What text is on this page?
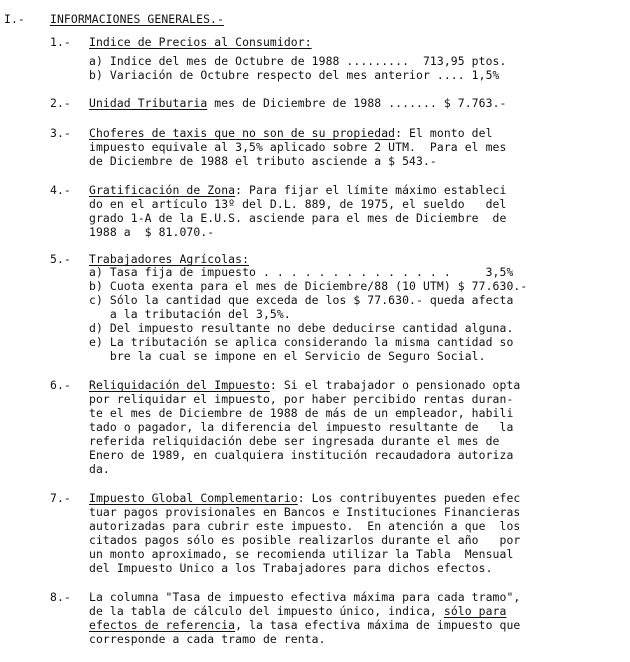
I.- INFORMACIONES GENERALES.-
1.- Indice de Precios al Consumidor:
a) Indice del mes de Octubre de 1988 .........  713,95 ptos.
b) Variación de Octubre respecto del mes anterior .... 1,5%
2.- Unidad Tributaria mes de Diciembre de 1988 ....... $ 7.763.-
3.- Choferes de taxis que no son de su propiedad: El monto del
impuesto equivale al 3,5% aplicado sobre 2 UTM.  Para el mes
de Diciembre de 1988 el tributo asciende a $ 543.-
4.- Gratificación de Zona: Para fijar el límite máximo estableci
do en el artículo 13º del D.L. 889, de 1975, el sueldo   del
grado 1-A de la E.U.S. asciende para el mes de Diciembre  de
1988 a  $ 81.070.-
5.- Trabajadores Agrícolas:
a) Tasa fija de impuesto . . . . . . . . . . . . . .     3,5%
b) Cuota exenta para el mes de Diciembre/88 (10 UTM) $ 77.630.-
c) Sólo la cantidad que exceda de los $ 77.630.- queda afecta
a la tributación del 3,5%.
d) Del impuesto resultante no debe deducirse cantidad alguna.
e) La tributación se aplica considerando la misma cantidad so
bre la cual se impone en el Servicio de Seguro Social.
6.- Reliquidación del Impuesto: Si el trabajador o pensionado opta
por reliquidar el impuesto, por haber percibido rentas duran-
te el mes de Diciembre de 1988 de más de un empleador, habili
tado o pagador, la diferencia del impuesto resultante de   la
referida reliquidación debe ser ingresada durante el mes de
Enero de 1989, en cualquiera institución recaudadora autoriza
da.
7.- Impuesto Global Complementario: Los contribuyentes pueden efec
tuar pagos provisionales en Bancos e Instituciones Financieras
autorizadas para cubrir este impuesto.  En atención a que  los
citados pagos sólo es posible realizarlos durante el año   por
un monto aproximado, se recomienda utilizar la Tabla  Mensual
del Impuesto Unico a los Trabajadores para dichos efectos.
8.- La columna "Tasa de impuesto efectiva máxima para cada tramo",
de la tabla de cálculo del impuesto único, indica, sólo para
efectos de referencia, la tasa efectiva máxima de impuesto que
corresponde a cada tramo de renta.
